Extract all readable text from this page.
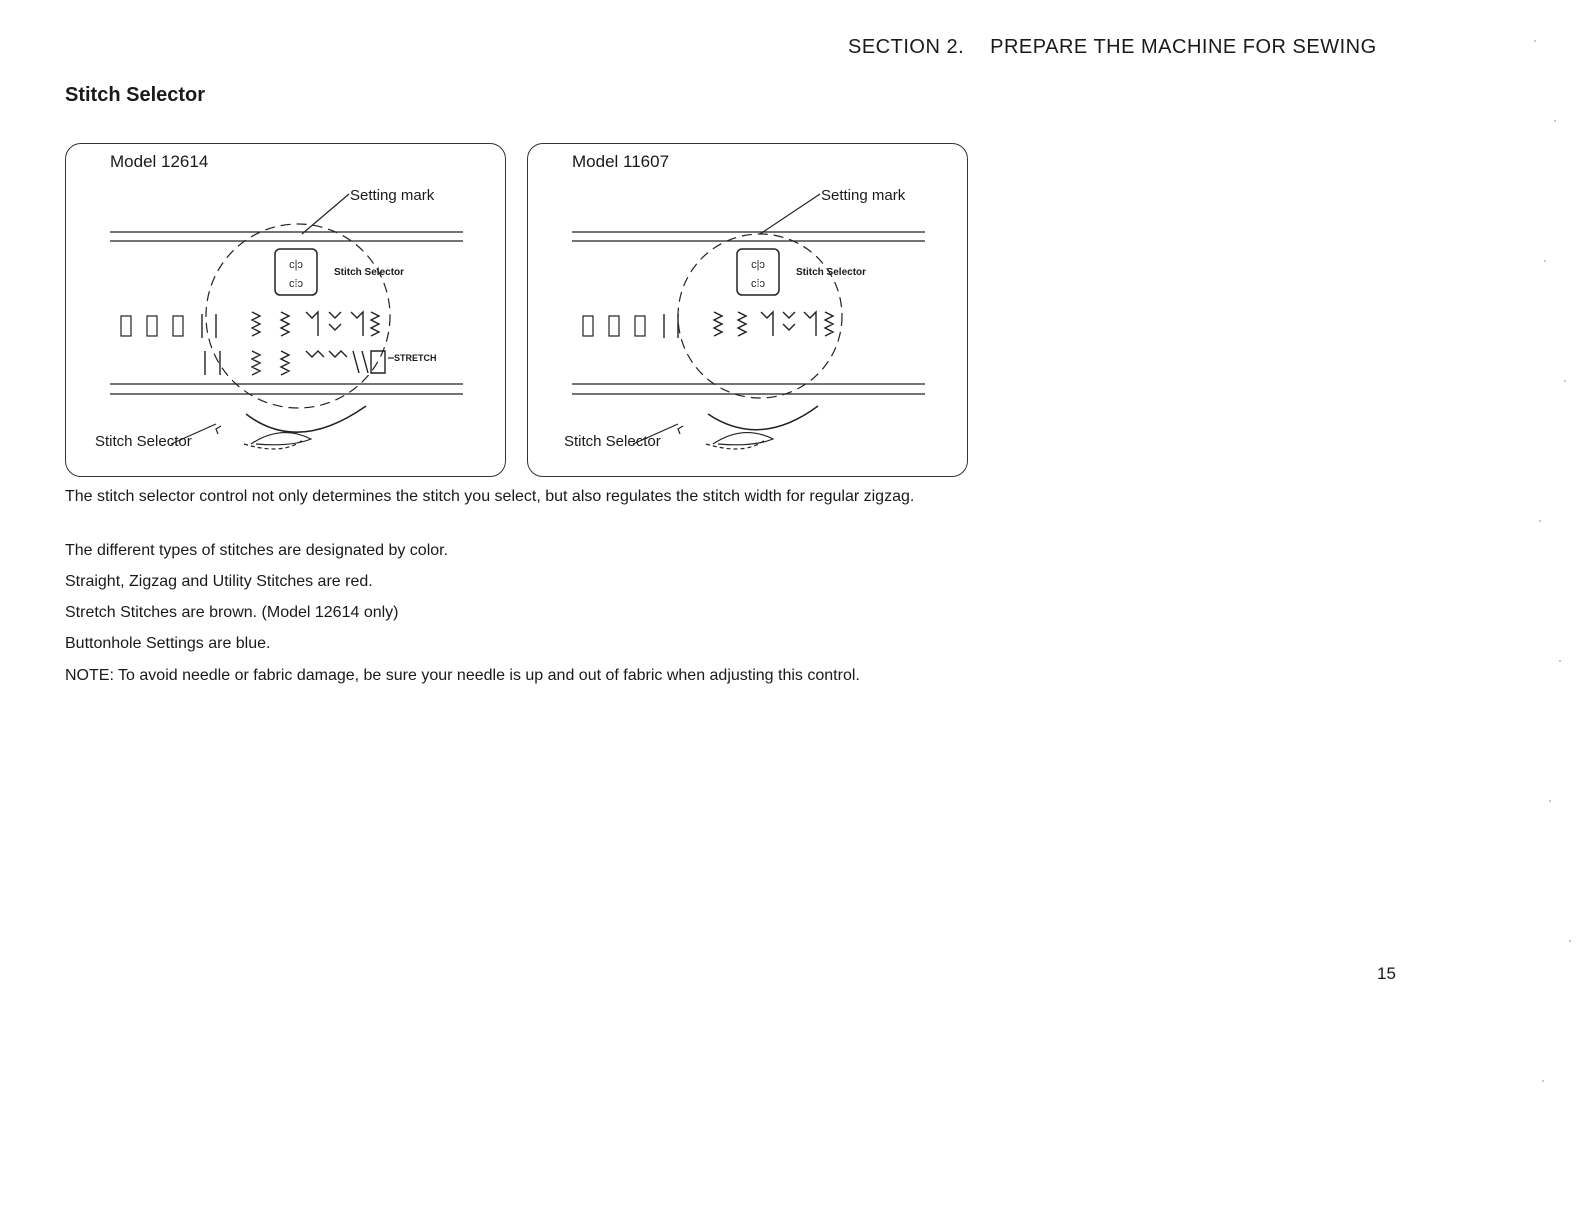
SECTION 2. PREPARE THE MACHINE FOR SEWING
Stitch Selector
c|ɔ
c⁞ɔ
Model 12614
Setting mark
Stitch Selector
STRETCH
Stitch Selector
c|ɔ
c⁞ɔ
Model 11607
Setting mark
Stitch Selector
Stitch Selector
The stitch selector control not only determines the stitch you select, but also regulates the stitch width for regular zigzag.
The different types of stitches are designated by color.
Straight, Zigzag and Utility Stitches are red.
Stretch Stitches are brown. (Model 12614 only)
Buttonhole Settings are blue.
NOTE: To avoid needle or fabric damage, be sure your needle is up and out of fabric when adjusting this control.
15
